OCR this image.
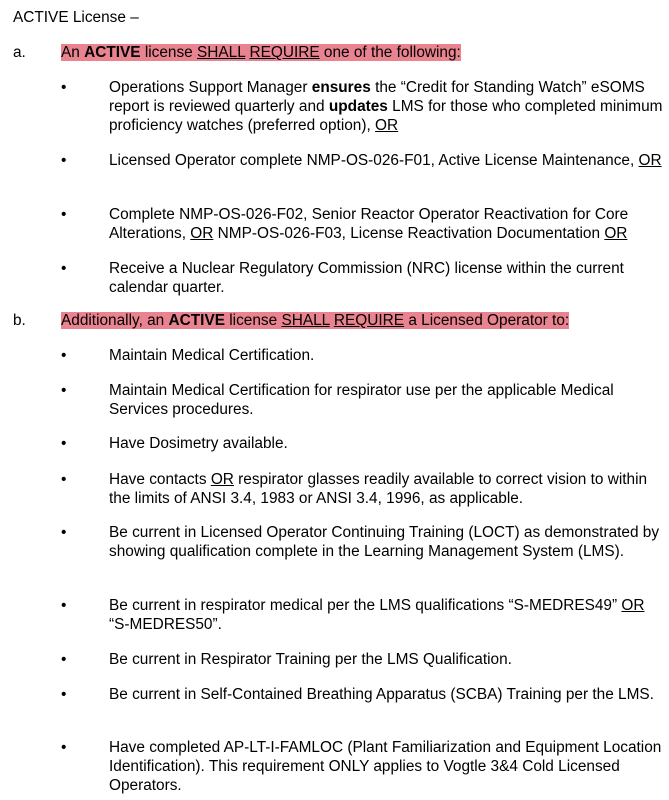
ACTIVE License –
a. An ACTIVE license SHALL REQUIRE one of the following:
•	Operations Support Manager ensures the “Credit for Standing Watch” eSOMS report is reviewed quarterly and updates LMS for those who completed minimum proficiency watches (preferred option), OR
•	Licensed Operator complete NMP-OS-026-F01, Active License Maintenance, OR
•	Complete NMP-OS-026-F02, Senior Reactor Operator Reactivation for Core Alterations, OR NMP-OS-026-F03, License Reactivation Documentation OR
•	Receive a Nuclear Regulatory Commission (NRC) license within the current calendar quarter.
b. Additionally, an ACTIVE license SHALL REQUIRE a Licensed Operator to:
•	Maintain Medical Certification.
•	Maintain Medical Certification for respirator use per the applicable Medical Services procedures.
•	Have Dosimetry available.
•	Have contacts OR respirator glasses readily available to correct vision to within the limits of ANSI 3.4, 1983 or ANSI 3.4, 1996, as applicable.
•	Be current in Licensed Operator Continuing Training (LOCT) as demonstrated by showing qualification complete in the Learning Management System (LMS).
•	Be current in respirator medical per the LMS qualifications “S-MEDRES49” OR “S-MEDRES50”.
•	Be current in Respirator Training per the LMS Qualification.
•	Be current in Self-Contained Breathing Apparatus (SCBA) Training per the LMS.
•	Have completed AP-LT-I-FAMLOC (Plant Familiarization and Equipment Location Identification). This requirement ONLY applies to Vogtle 3&4 Cold Licensed Operators.
